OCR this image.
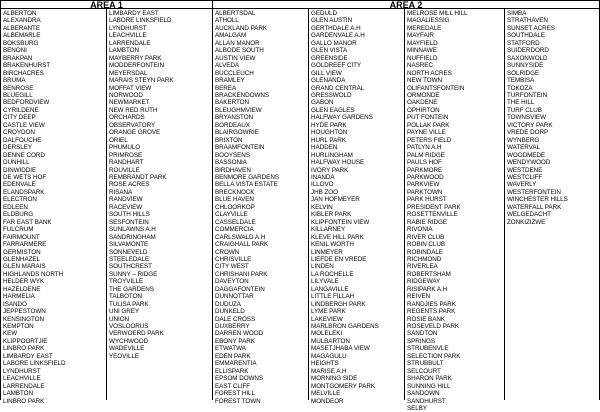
AREA 1	AREA 2
ALBERTON
ALEXANDRA
ALBERANTE
ALBEMARLE
BOKSBURG
BENONI
BRAKPAN
BRAKENHURST
BIRCHACRES
BRUMA
BENROSE
BLUEGILL
BEDFORDVIEW
CYRILDENE
CITY DEEP
CASTLE VIEW
CROYDON
DALFOUCHE
DERSLEY
DENNE CORD
DUNHILL
DINWIDDIE
DE WETS HOF
EDENVALE
ELANDSPARK
ELECTRON
EDLEEN
ELDBURG
FAR EAST BANK
FULCRUM
FAIRMOUNT
FARRARMERE
GERMISTON
GLENHAZEL
GLEN MARAIS
HIGHLANDS NORTH
HELDER WYK
HAZELDENE
HARMELIA
ISANDO
JEPPESTOWN
KENSINGTON
KEMPTON
KEW
KLIPPOORTJIE
LINBRO PARK
LIMBARDY EAST
LABORE LINKSFIELD
LYNDHURST
LEACHVILLE
LARRENDALE
LAMBTON
LINBRO PARK
LIMBARDY EAST
LABORE LINKSFIELD
LYNDHURST
LEACHVILLE
LARRENDALE
LAMBTON
MAYBERRY PARK
MODDERFONTEIN
MEYERSDAL
MARAIS STEYN PARK
MOFFAT VIEW
NORWOOD
NEWMARKET
NEW RED RUTH
ORCHARDS
OBSERVATORY
ORANGE GROVE
ORIEL
PHUMULO
PRIMROSE
RANDHART
ROUVILLE
REMBRANDT PARK
ROSE ACRES
RISANA
RANDVIEW
RACEVIEW
SOUTH HILLS
SESFONTEIN
SUNLAWNS A.H
SANDRINGHAM
SILVAMONTE
SONNEVELD
STEELEDALE
SOUTHCREST
SUNNY – RIDGE
TROYVILLE
THE GARDENS
TALBOTON
TULISA PARK
UNI GREY
UNION
VOSLOORUS
VERWOERD PARK
WYCHWOOD
WADEVILLE
YEOVILLE
ALBERTSDAL
ATHOLL
AUCKLAND PARK
AMALGAM
ALLAN MANOR
ALBODE SOUTH
AUSTIN VIEW
ALVEDA
BUCCLEUCH
BRAMLEY
BEREA
BRACKENDOWNS
BAKERTON
BLEUGHMVIEW
BRYANSTON
BORDEAUX
BLAIRGOWRIE
BRIXTON
BRAAMFONTEIN
BOOYSENS
BASSONIA
BIRDHAVEN
BENMORE GARDENS
BELLA VISTA ESTATE
BRECKNOCK
BLUE HAVEN
CHLOORKOP
CLAYVILLE
CASSELDALE
COMMERCIA
CARLSWALD A.H
CRAIGHALL PARK
CROWN
CHRISVILLE
CITY WEST
CHRISHANI PARK
DAVEYTON
DAGGAFONTEIN
DUNNOTTAR
DUDUZA
DUNKELD
DALE CROSS
DUXBERRY
DARREN WOOD
EBONY PARK
ETWATWA
EDEN PARK
EMMARENTIA
ELLISPARK
EPSOM DOWNS
EAST CLIFF
FOREST HILL
FOREST TOWN
GEDULD
GLEN AUSTIN
GERTHDALE A.H
GARDENVALE A.H
GALLO MANOR
GLEN VISTA
GREENSIDE
GOLDREEF CITY
GILL VIEW
GLENANDA
GRAND CENTRAL
GRESSWOLD
GABON
GLEN EAGLES
HALFWAY GARDENS
HYDE PARK
HOUGHTON
HURL PARK
HADDEN
HURLINGHAM
HALFWAY HOUSE
IVORY PARK
INANDA
ILLOVO
JHB ZOO
JAN HOFMEYER
KELVIN
KIBLER PARK
KLIPFONTEIN VIEW
KILLARNEY
KLEVE HILL PARK
KENIL WORTH
LINMEYER
LIEFDE EN VREDE
LINDEN
LA ROCHELLE
LILYVALE
LANGAVILLE
LITTLE FILLAH
LINDBERGH PARK
LYME PARK
LAKEVIEW
MARLBRON GARDENS
MOLELEKI
MULBARTON
MASETJHABA VIEW
MAGAGULU
HEIGHTS
MARISE A.H
MORNING SIDE
MONTGOMERY PARK
MELVILLE
MONDEOR
MELROSE MILL HILL
MAGALIESSIG
MEREDALE
MAYFAIR
MAYFIELD
MINNAWE
NUFFIELD
NASREC
NORTH ACRES
NEW TOWN
OLIFANTSFONTEIN
ORMONDE
OAKDENE
OPHIRTON
PUT FONTEIN
POLLAK PARK
PAYNE VILLE
PETERS FIELD
PATLYN A.H
PALM RIDGE
PAULS HOF
PARKMORE
PARKWOOD
PARKVIEW
PARKTOWN
PARK HURST
PRESIDENT PARK
ROSETTENVILLE
RABIE RIDGE
RIVONIA
RIVER CLUB
ROBIN CLUB
ROBINDALE
RICHMOND
RIVERLEA
ROBERTSHAM
RIDGEWAY
RISIPARK A.H
REIVEN
RANDJIES PARK
REGENTS PARK
ROSIE BANK
ROSEVELD PARK
SANDTON
SPRINGS
STRUBENVLE
SELECTION PARK
STRUBBULT
SELCOURT
SHARON PARK
SUNNING HILL
SANDOWN
SANDHURST
SELBY
SIMBA
STRATHAVEN
SUNSET ACRES
SOUTHDALE
STATFORD
SUIDERDORD
SAXONWOLD
SUNNYSIDE
SOLRIDGE
TEMBISA
TOKOZA
TURFONTEIN
THE HILL
TURF CLUB
TOWNSVIEW
VICTORY PARK
VREDE DORP
WYNBERG
WATERVAL
WOODMEDE
WENDYWOOD
WESTDENE
WESTCLIFF
WAVERLY
WESTERFONTEIN
WINCHESTER HILLS
WATERFALL PARK
WELGEDACHT
ZONKIZIZWE
